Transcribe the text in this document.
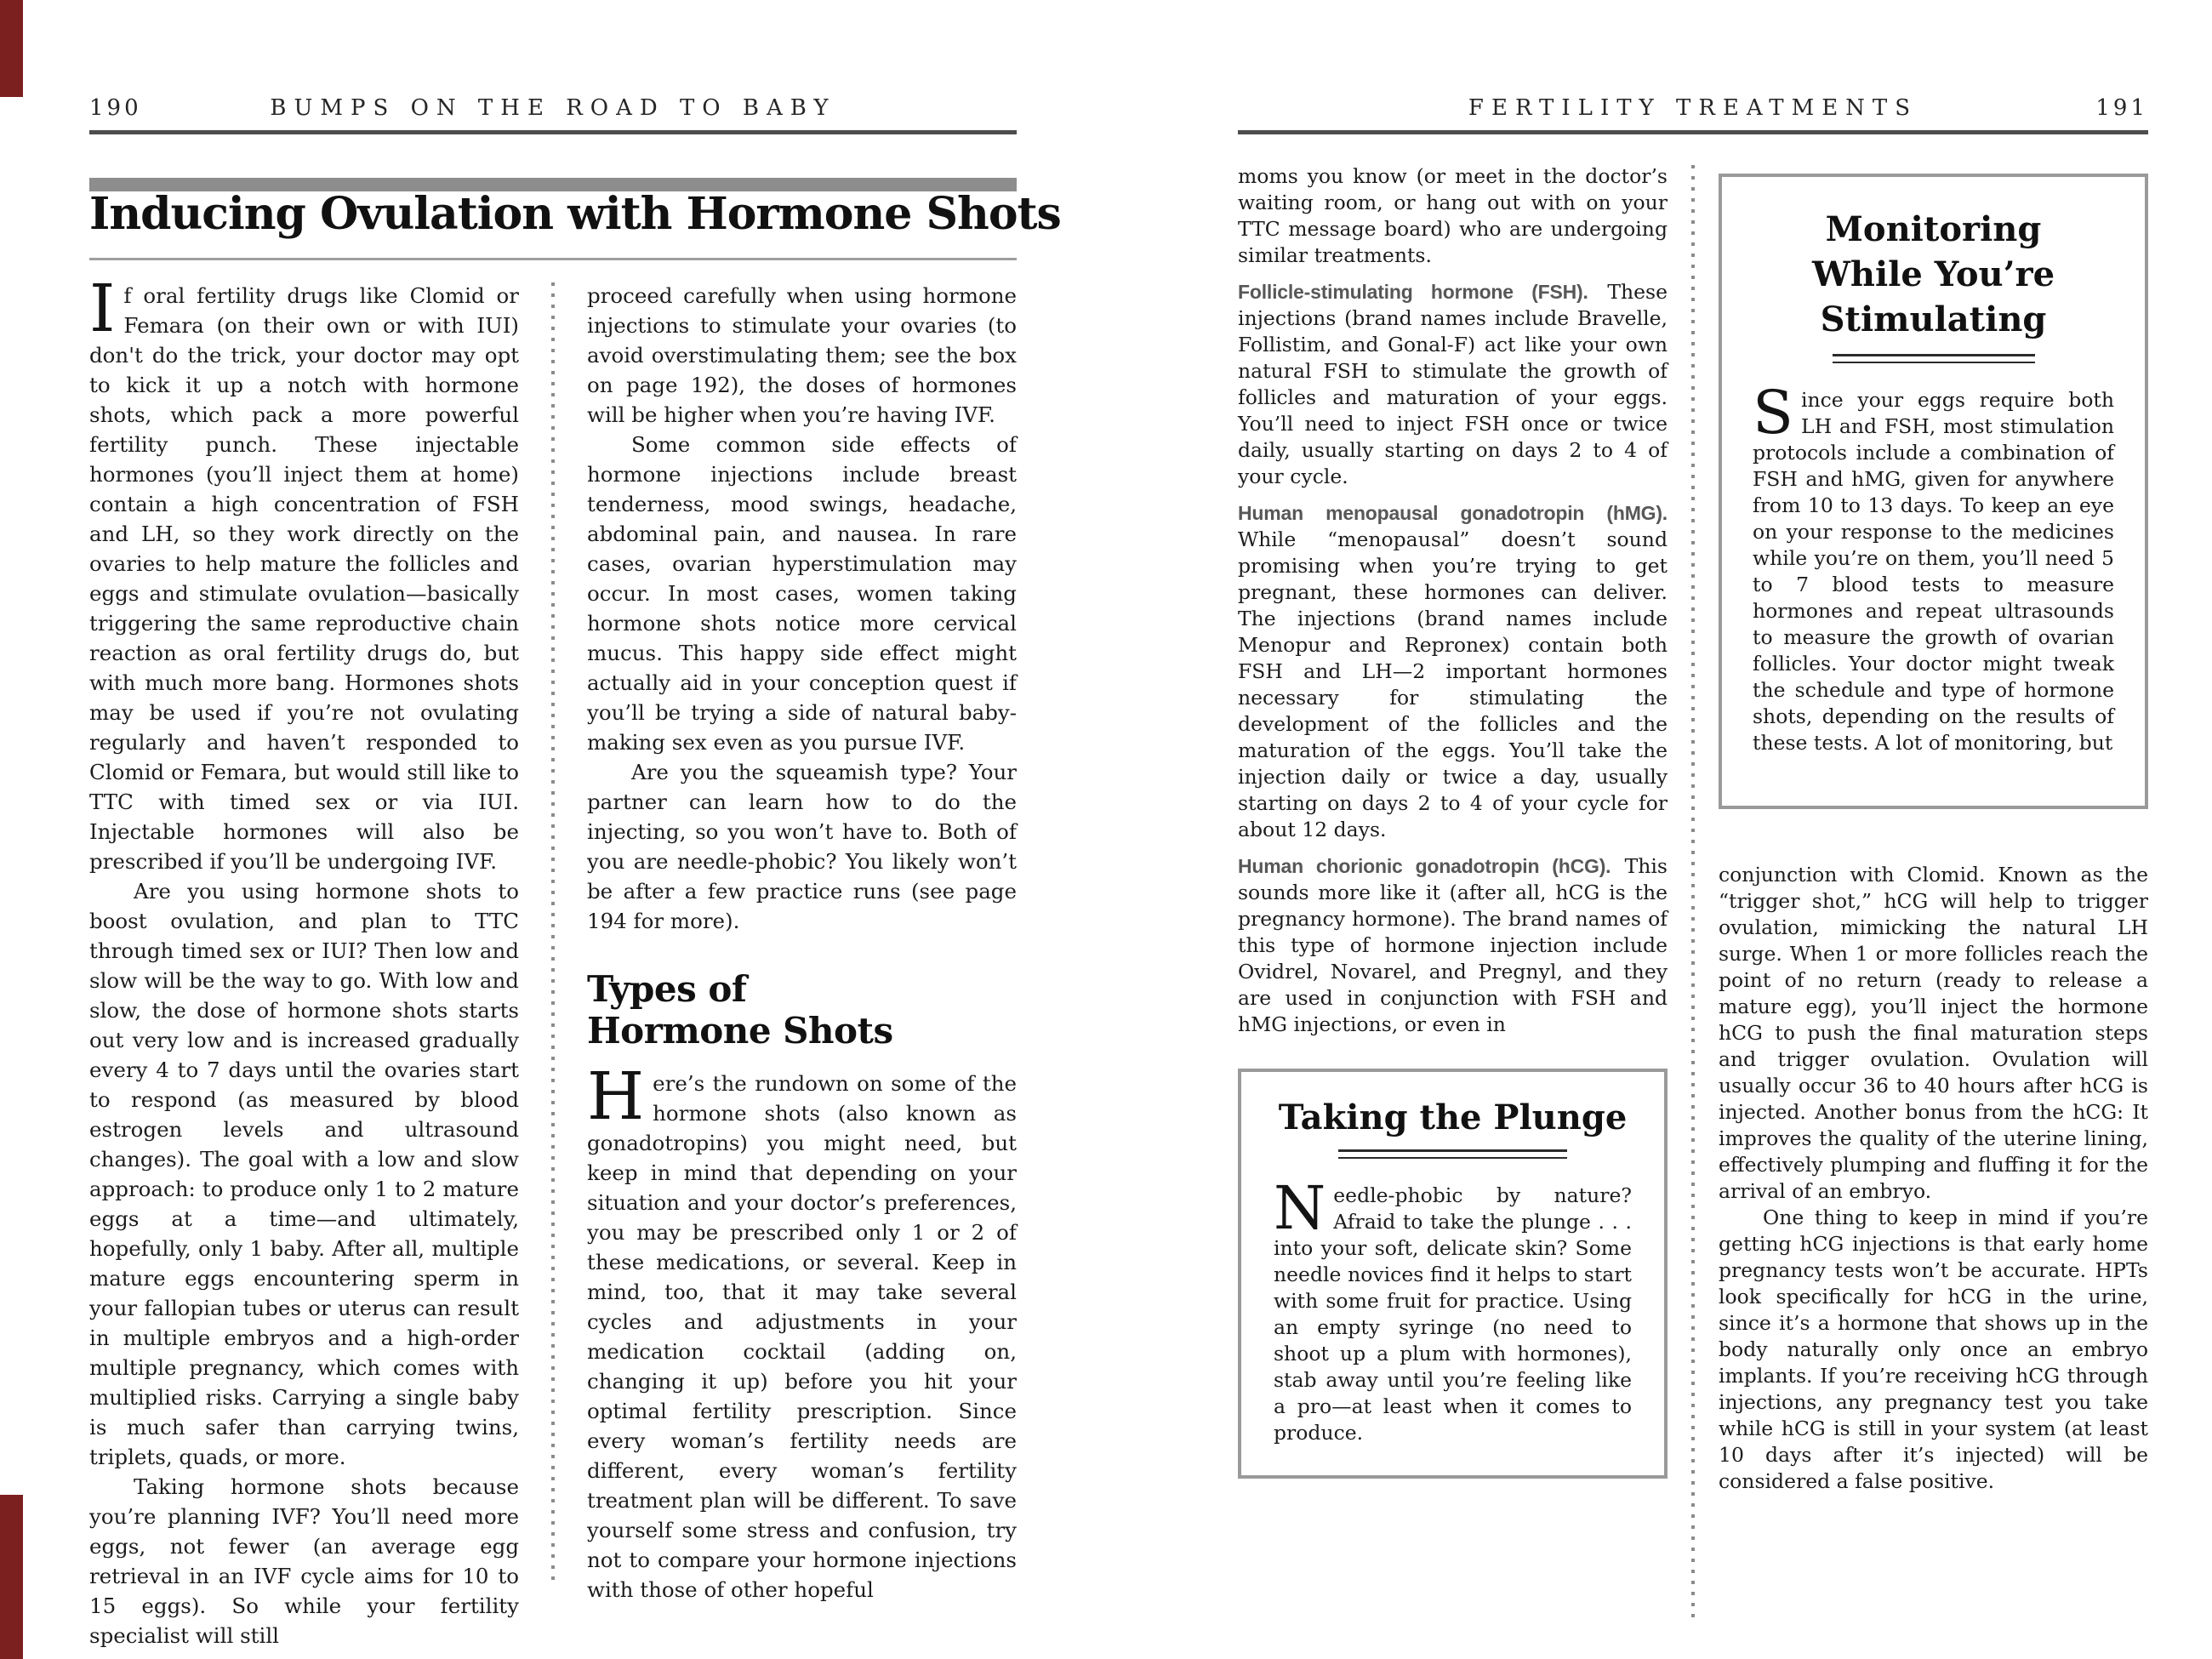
190	BUMPS ON THE ROAD TO BABY
Inducing Ovulation with Hormone Shots

If oral fertility drugs like Clomid or Femara (on their own or with IUI) don't do the trick, your doctor may opt to kick it up a notch with hormone shots, which pack a more powerful fertility punch. These injectable hormones (you’ll inject them at home) contain a high concentration of FSH and LH, so they work directly on the ovaries to help mature the follicles and eggs and stimulate ovulation—basically triggering the same reproductive chain reaction as oral fertility drugs do, but with much more bang. Hormones shots may be used if you’re not ovulating regularly and haven’t responded to Clomid or Femara, but would still like to TTC with timed sex or via IUI. Injectable hormones will also be prescribed if you’ll be undergoing IVF.

Are you using hormone shots to boost ovulation, and plan to TTC through timed sex or IUI? Then low and slow will be the way to go. With low and slow, the dose of hormone shots starts out very low and is increased gradually every 4 to 7 days until the ovaries start to respond (as measured by blood estrogen levels and ultrasound changes). The goal with a low and slow approach: to produce only 1 to 2 mature eggs at a time—and ultimately, hopefully, only 1 baby. After all, multiple mature eggs encountering sperm in your fallopian tubes or uterus can result in multiple embryos and a high-order multiple pregnancy, which comes with multiplied risks. Carrying a single baby is much safer than carrying twins, triplets, quads, or more.

Taking hormone shots because you’re planning IVF? You’ll need more eggs, not fewer (an average egg retrieval in an IVF cycle aims for 10 to 15 eggs). So while your fertility specialist will still

proceed carefully when using hormone injections to stimulate your ovaries (to avoid overstimulating them; see the box on page 192), the doses of hormones will be higher when you’re having IVF.

Some common side effects of hormone injections include breast tenderness, mood swings, headache, abdominal pain, and nausea. In rare cases, ovarian hyperstimulation may occur. In most cases, women taking hormone shots notice more cervical mucus. This happy side effect might actually aid in your conception quest if you’ll be trying a side of natural baby-making sex even as you pursue IVF.

Are you the squeamish type? Your partner can learn how to do the injecting, so you won’t have to. Both of you are needle-phobic? You likely won’t be after a few practice runs (see page 194 for more).

Types of
Hormone Shots

Here’s the rundown on some of the hormone shots (also known as gonadotropins) you might need, but keep in mind that depending on your situation and your doctor’s preferences, you may be prescribed only 1 or 2 of these medications, or several. Keep in mind, too, that it may take several cycles and adjustments in your medication cocktail (adding on, changing it up) before you hit your optimal fertility prescription. Since every woman’s fertility needs are different, every woman’s fertility treatment plan will be different. To save yourself some stress and confusion, try not to compare your hormone injections with those of other hopeful

FERTILITY TREATMENTS	191

moms you know (or meet in the doctor’s waiting room, or hang out with on your TTC message board) who are undergoing similar treatments.

Follicle-stimulating hormone (FSH). These injections (brand names include Bravelle, Follistim, and Gonal-F) act like your own natural FSH to stimulate the growth of follicles and maturation of your eggs. You’ll need to inject FSH once or twice daily, usually starting on days 2 to 4 of your cycle.

Human menopausal gonadotropin (hMG). While “menopausal” doesn’t sound promising when you’re trying to get pregnant, these hormones can deliver. The injections (brand names include Menopur and Repronex) contain both FSH and LH—2 important hormones necessary for stimulating the development of the follicles and the maturation of the eggs. You’ll take the injection daily or twice a day, usually starting on days 2 to 4 of your cycle for about 12 days.

Human chorionic gonadotropin (hCG). This sounds more like it (after all, hCG is the pregnancy hormone). The brand names of this type of hormone injection include Ovidrel, Novarel, and Pregnyl, and they are used in conjunction with FSH and hMG injections, or even in

Taking the Plunge

Needle-phobic by nature? Afraid to take the plunge . . . into your soft, delicate skin? Some needle novices find it helps to start with some fruit for practice. Using an empty syringe (no need to shoot up a plum with hormones), stab away until you’re feeling like a pro—at least when it comes to produce.

Monitoring
While You’re
Stimulating

Since your eggs require both LH and FSH, most stimulation protocols include a combination of FSH and hMG, given for anywhere from 10 to 13 days. To keep an eye on your response to the medicines while you’re on them, you’ll need 5 to 7 blood tests to measure hormones and repeat ultrasounds to measure the growth of ovarian follicles. Your doctor might tweak the schedule and type of hormone shots, depending on the results of these tests. A lot of monitoring, but

conjunction with Clomid. Known as the “trigger shot,” hCG will help to trigger ovulation, mimicking the natural LH surge. When 1 or more follicles reach the point of no return (ready to release a mature egg), you’ll inject the hormone hCG to push the final maturation steps and trigger ovulation. Ovulation will usually occur 36 to 40 hours after hCG is injected. Another bonus from the hCG: It improves the quality of the uterine lining, effectively plumping and fluffing it for the arrival of an embryo.

One thing to keep in mind if you’re getting hCG injections is that early home pregnancy tests won’t be accurate. HPTs look specifically for hCG in the urine, since it’s a hormone that shows up in the body naturally only once an embryo implants. If you’re receiving hCG through injections, any pregnancy test you take while hCG is still in your system (at least 10 days after it’s injected) will be considered a false positive.
